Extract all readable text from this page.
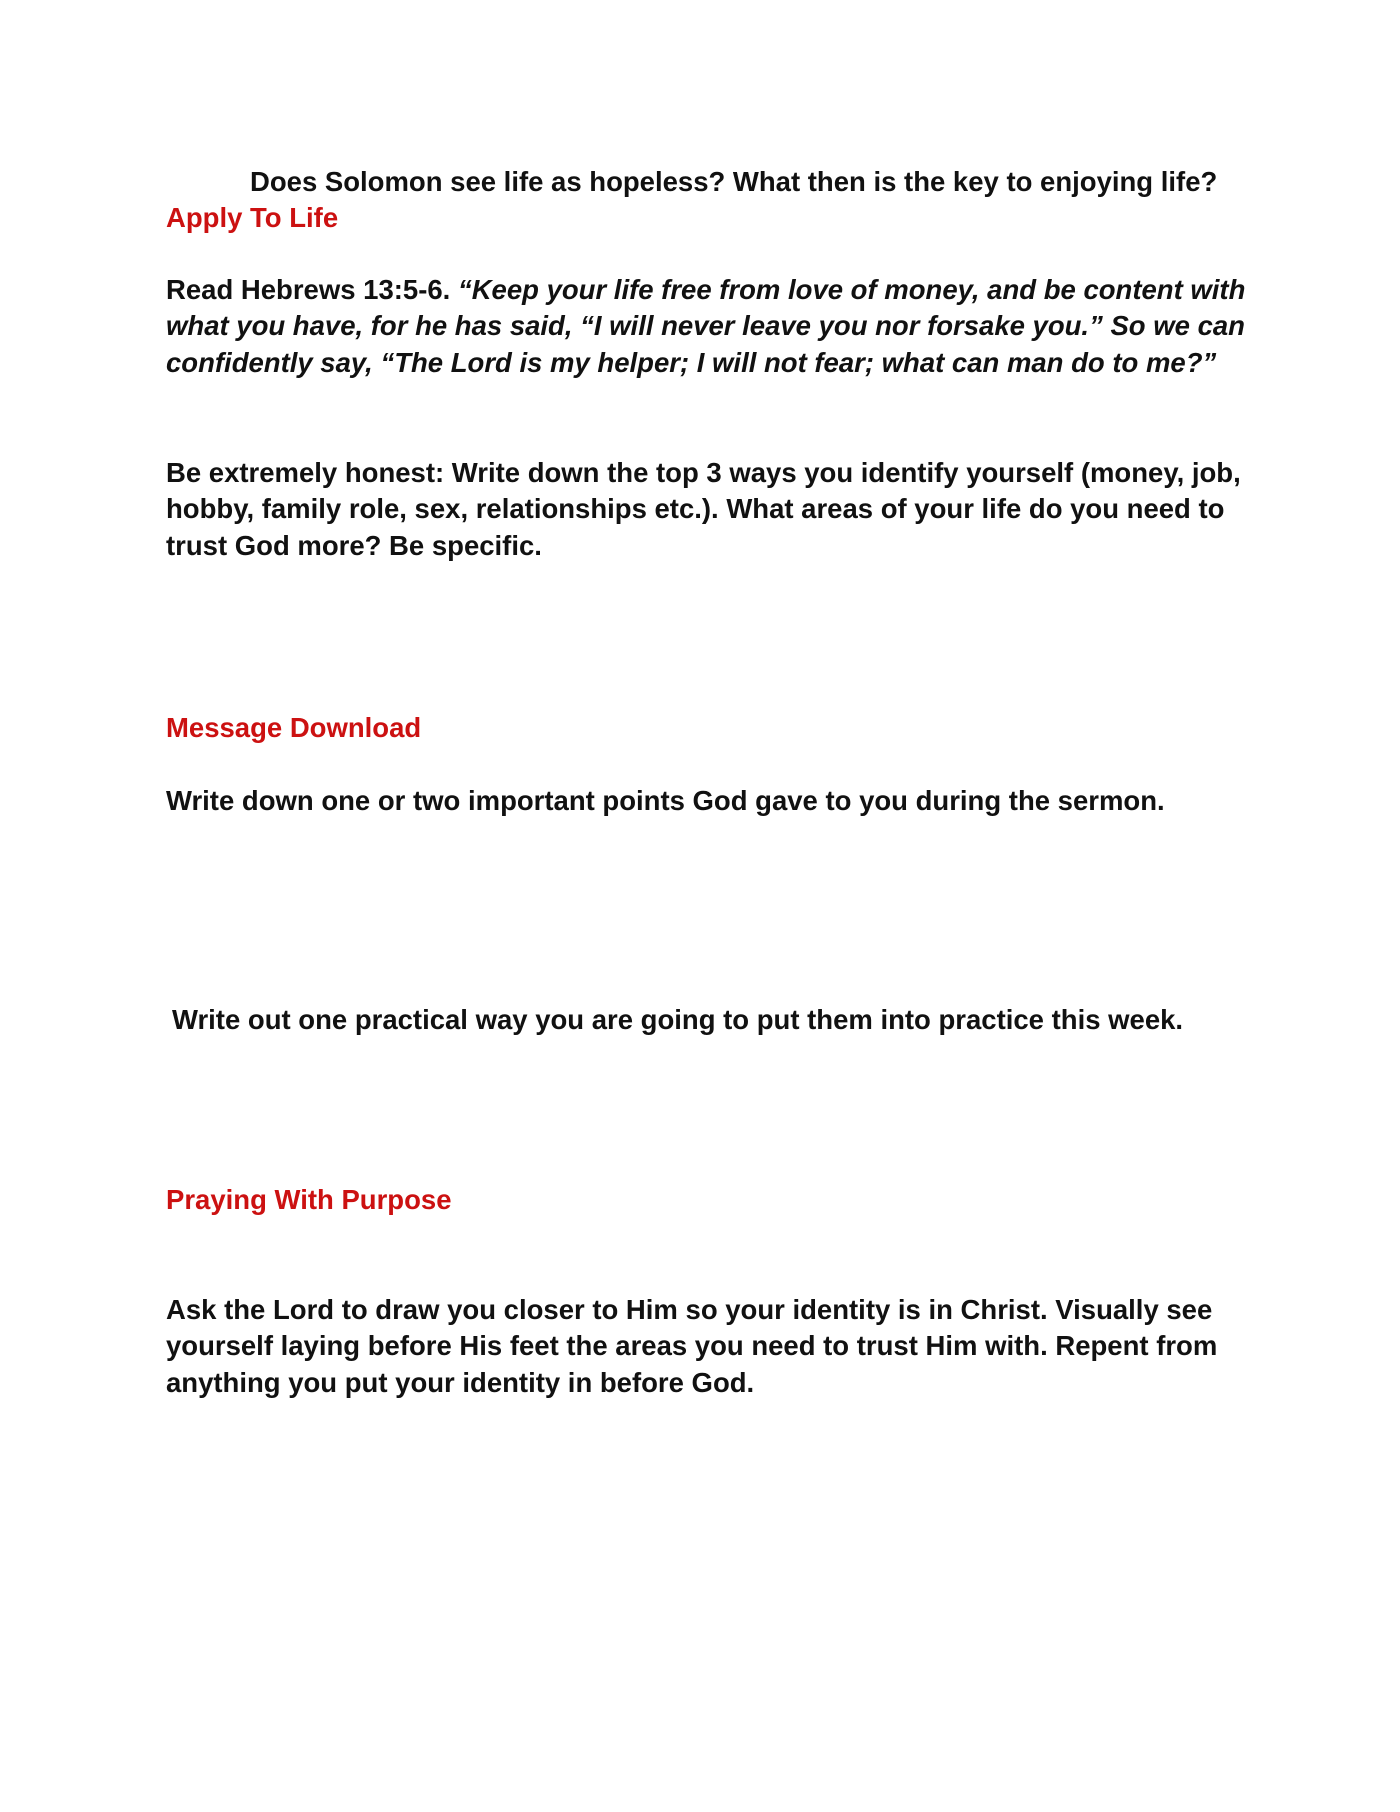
Does Solomon see life as hopeless? What then is the key to enjoying life?

Apply To Life

Read Hebrews 13:5-6. “Keep your life free from love of money, and be content with what you have, for he has said, “I will never leave you nor forsake you.” So we can confidently say, “The Lord is my helper; I will not fear; what can man do to me?”

Be extremely honest: Write down the top 3 ways you identify yourself (money, job, hobby, family role, sex, relationships etc.). What areas of your life do you need to trust God more? Be specific.

Message Download

Write down one or two important points God gave to you during the sermon.

Write out one practical way you are going to put them into practice this week.

Praying With Purpose

Ask the Lord to draw you closer to Him so your identity is in Christ. Visually see yourself laying before His feet the areas you need to trust Him with. Repent from anything you put your identity in before God.
